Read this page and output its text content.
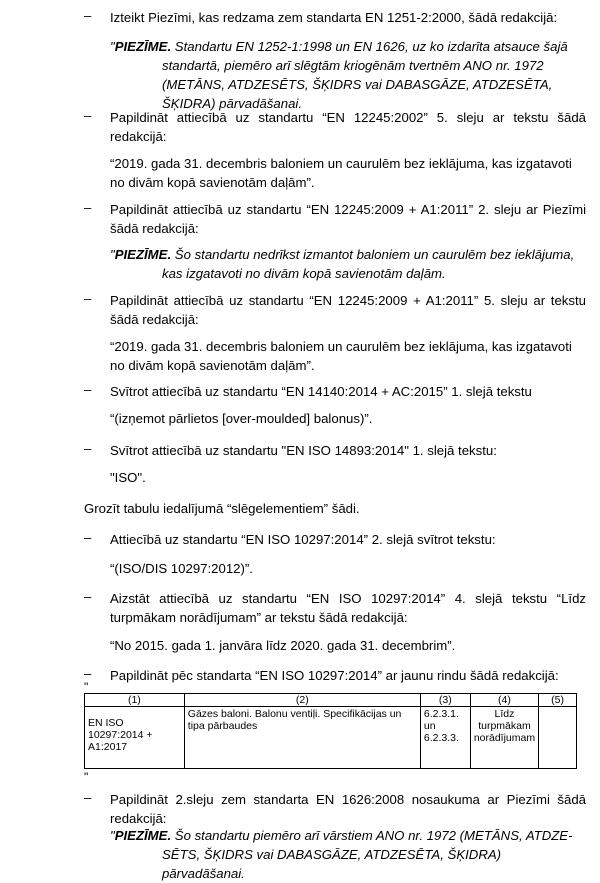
–	Izteikt Piezīmi, kas redzama zem standarta EN 1251-2:2000, šādā redakcijā:
"PIEZĪME. Standartu EN 1252-1:1998 un EN 1626, uz ko izdarīta atsauce šajā
standartā, piemēro arī slēgtām kriogēnām tvertnēm ANO nr. 1972 (METĀNS, ATDZESĒTS, ŠĶIDRS vai DABASGĀZE, ATDZESĒTA, ŠĶIDRA) pārvadāšanai.
–	Papildināt attiecībā uz standartu “EN 12245:2002” 5. sleju ar tekstu šādā redakcijā:
“2019. gada 31. decembris baloniem un caurulēm bez ieklājuma, kas izgatavoti no divām kopā savienotām daļām”.
–	Papildināt attiecībā uz standartu “EN 12245:2009 + A1:2011” 2. sleju ar Piezīmi šādā redakcijā:
"PIEZĪME. Šo standartu nedrīkst izmantot baloniem un caurulēm bez ieklājuma,
kas izgatavoti no divām kopā savienotām daļām.
–	Papildināt attiecībā uz standartu “EN 12245:2009 + A1:2011” 5. sleju ar tekstu šādā redakcijā:
“2019. gada 31. decembris baloniem un caurulēm bez ieklājuma, kas izgatavoti no divām kopā savienotām daļām”.
–	Svītrot attiecībā uz standartu “EN 14140:2014 + AC:2015” 1. slejā tekstu
“(izņemot pārlietos [over-moulded] balonus)”.
–	Svītrot attiecībā uz standartu "EN ISO 14893:2014" 1. slejā tekstu:
"ISO".
Grozīt tabulu iedalījumā “slēgelementiem” šādi.
–	Attiecībā uz standartu “EN ISO 10297:2014” 2. slejā svītrot tekstu:
“(ISO/DIS 10297:2012)”.
–	Aizstāt attiecībā uz standartu “EN ISO 10297:2014” 4. slejā tekstu “Līdz turpmākam norādījumam” ar tekstu šādā redakcijā:
“No 2015. gada 1. janvāra līdz 2020. gada 31. decembrim”.
–	Papildināt pēc standarta “EN ISO 10297:2014” ar jaunu rindu šādā redakcijā:
"
(1)	(2)	(3)	(4)	(5)
EN ISO 10297:2014 + A1:2017	Gāzes baloni. Balonu ventiļi. Specifikācijas un tipa pārbaudes	6.2.3.1. un 6.2.3.3.	Līdz turpmākam norādījumam	
"
–	Papildināt 2.sleju zem standarta EN 1626:2008 nosaukuma ar Piezīmi šādā redakcijā:
"PIEZĪME. Šo standartu piemēro arī vārstiem ANO nr. 1972 (METĀNS, ATDZE-
SĒTS, ŠĶIDRS vai DABASGĀZE, ATDZESĒTA, ŠĶIDRA) pārvadāšanai.
